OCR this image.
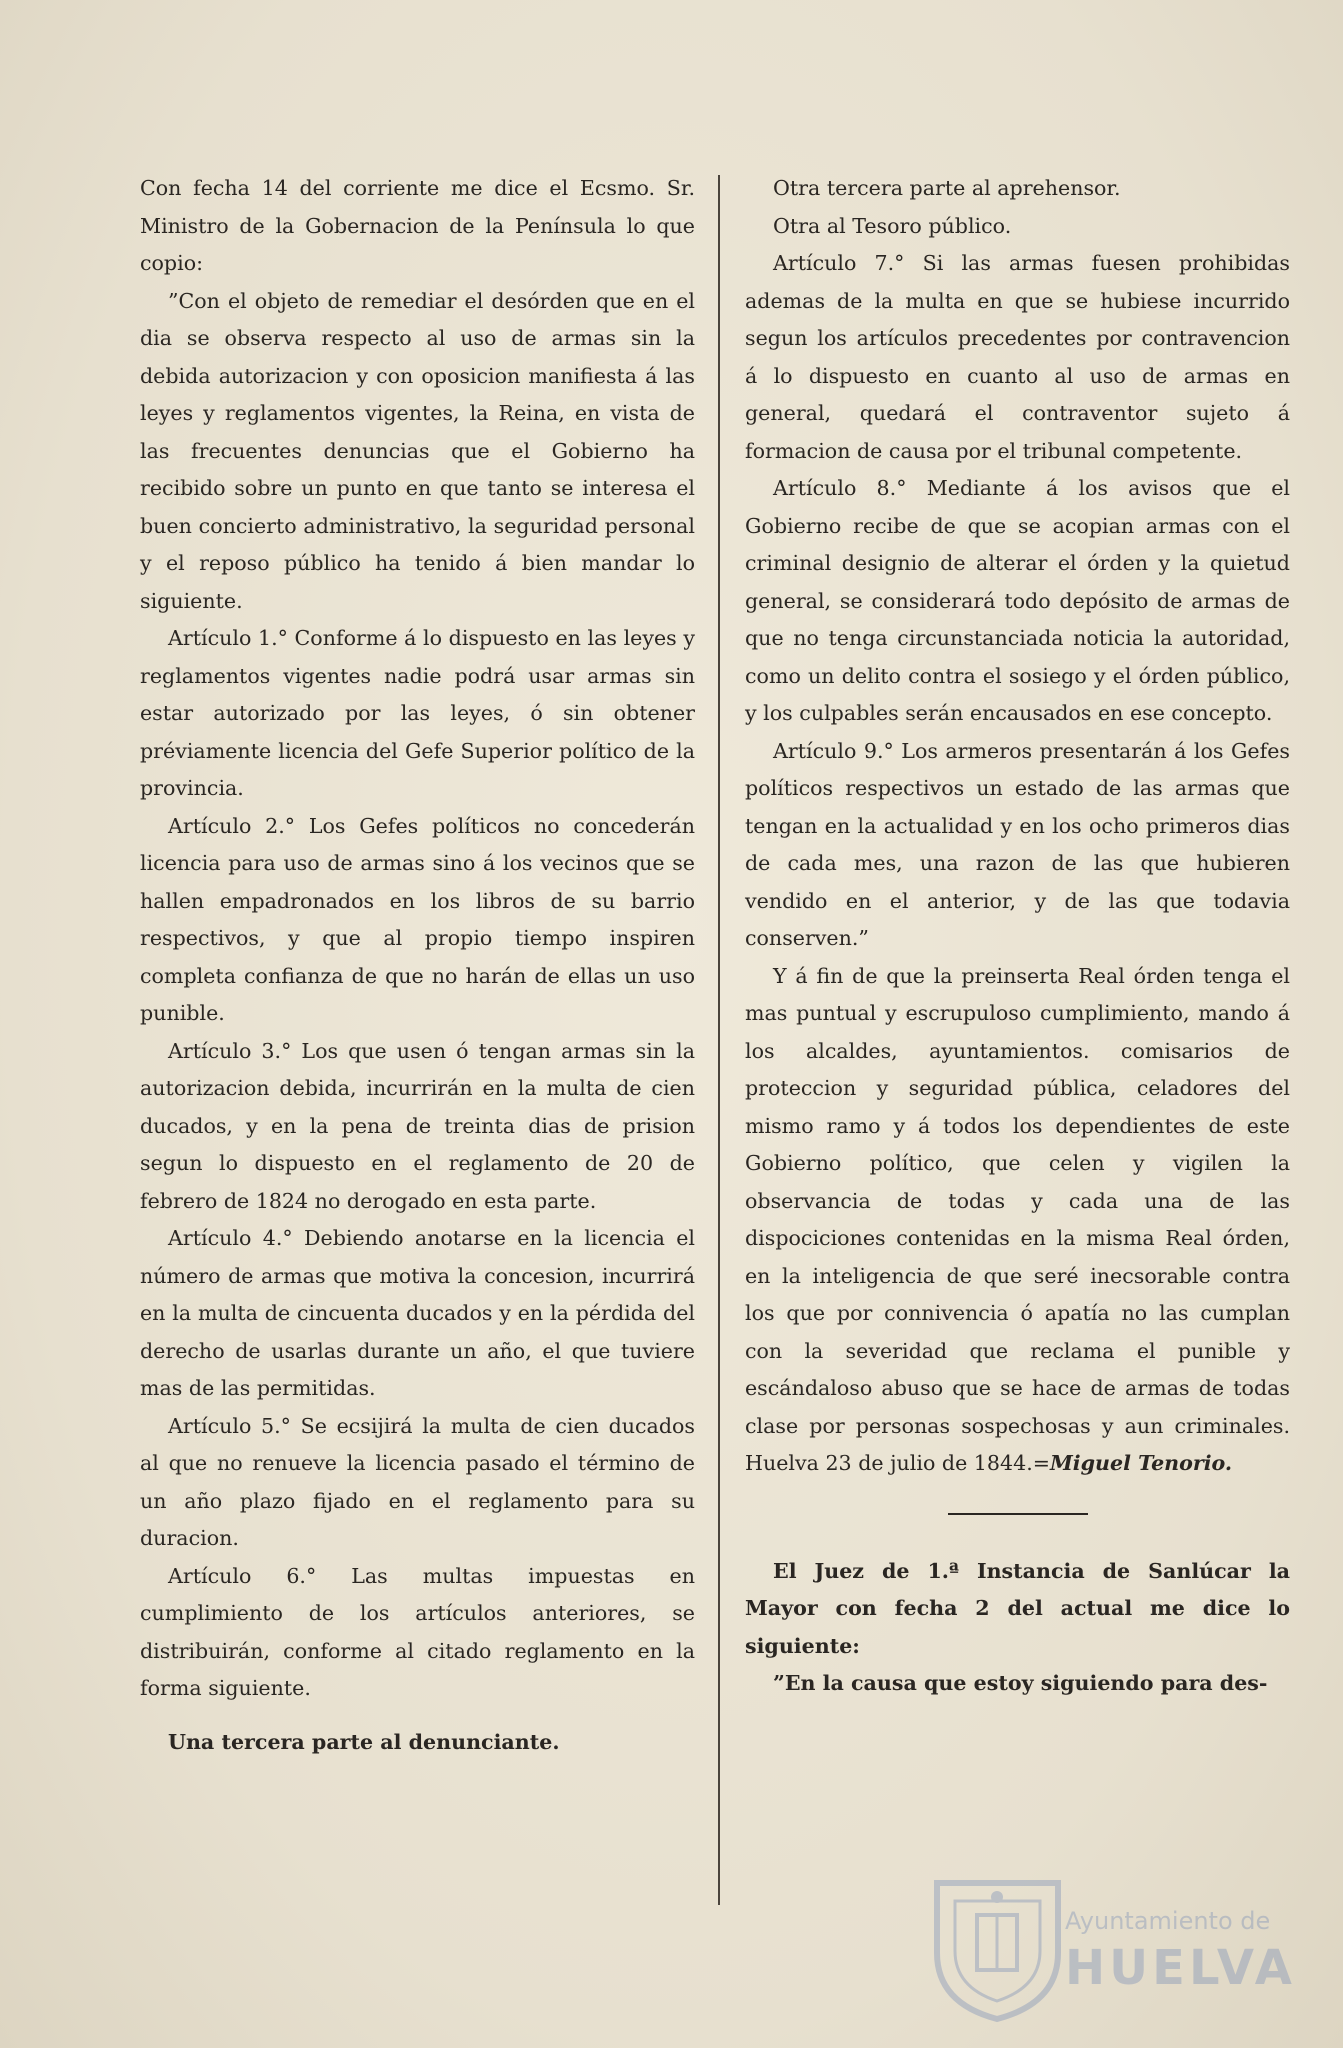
Con fecha 14 del corriente me dice el Ecsmo. Sr. Ministro de la Gobernacion de la Península lo que copio:

”Con el objeto de remediar el desórden que en el dia se observa respecto al uso de armas sin la debida autorizacion y con oposicion manifiesta á las leyes y reglamentos vigentes, la Reina, en vista de las frecuentes denuncias que el Gobierno ha recibido sobre un punto en que tanto se interesa el buen concierto administrativo, la seguridad personal y el reposo público ha tenido á bien mandar lo siguiente.

Artículo 1.° Conforme á lo dispuesto en las leyes y reglamentos vigentes nadie podrá usar armas sin estar autorizado por las leyes, ó sin obtener préviamente licencia del Gefe Superior político de la provincia.

Artículo 2.° Los Gefes políticos no concederán licencia para uso de armas sino á los vecinos que se hallen empadronados en los libros de su barrio respectivos, y que al propio tiempo inspiren completa confianza de que no harán de ellas un uso punible.

Artículo 3.° Los que usen ó tengan armas sin la autorizacion debida, incurrirán en la multa de cien ducados, y en la pena de treinta dias de prision segun lo dispuesto en el reglamento de 20 de febrero de 1824 no derogado en esta parte.

Artículo 4.° Debiendo anotarse en la licencia el número de armas que motiva la concesion, incurrirá en la multa de cincuenta ducados y en la pérdida del derecho de usarlas durante un año, el que tuviere mas de las permitidas.

Artículo 5.° Se ecsijirá la multa de cien ducados al que no renueve la licencia pasado el término de un año plazo fijado en el reglamento para su duracion.

Artículo 6.° Las multas impuestas en cumplimiento de los artículos anteriores, se distribuirán, conforme al citado reglamento en la forma siguiente.

Una tercera parte al denunciante.

Otra tercera parte al aprehensor.

Otra al Tesoro público.

Artículo 7.° Si las armas fuesen prohibidas ademas de la multa en que se hubiese incurrido segun los artículos precedentes por contravencion á lo dispuesto en cuanto al uso de armas en general, quedará el contraventor sujeto á formacion de causa por el tribunal competente.

Artículo 8.° Mediante á los avisos que el Gobierno recibe de que se acopian armas con el criminal designio de alterar el órden y la quietud general, se considerará todo depósito de armas de que no tenga circunstanciada noticia la autoridad, como un delito contra el sosiego y el órden público, y los culpables serán encausados en ese concepto.

Artículo 9.° Los armeros presentarán á los Gefes políticos respectivos un estado de las armas que tengan en la actualidad y en los ocho primeros dias de cada mes, una razon de las que hubieren vendido en el anterior, y de las que todavia conserven.”

Y á fin de que la preinserta Real órden tenga el mas puntual y escrupuloso cumplimiento, mando á los alcaldes, ayuntamientos. comisarios de proteccion y seguridad pública, celadores del mismo ramo y á todos los dependientes de este Gobierno político, que celen y vigilen la observancia de todas y cada una de las dispociciones contenidas en la misma Real órden, en la inteligencia de que seré inecsorable contra los que por connivencia ó apatía no las cumplan con la severidad que reclama el punible y escándaloso abuso que se hace de armas de todas clase por personas sospechosas y aun criminales. Huelva 23 de julio de 1844.=Miguel Tenorio.

El Juez de 1.ª Instancia de Sanlúcar la Mayor con fecha 2 del actual me dice lo siguiente:

”En la causa que estoy siguiendo para des-

Ayuntamiento de
HUELVA
